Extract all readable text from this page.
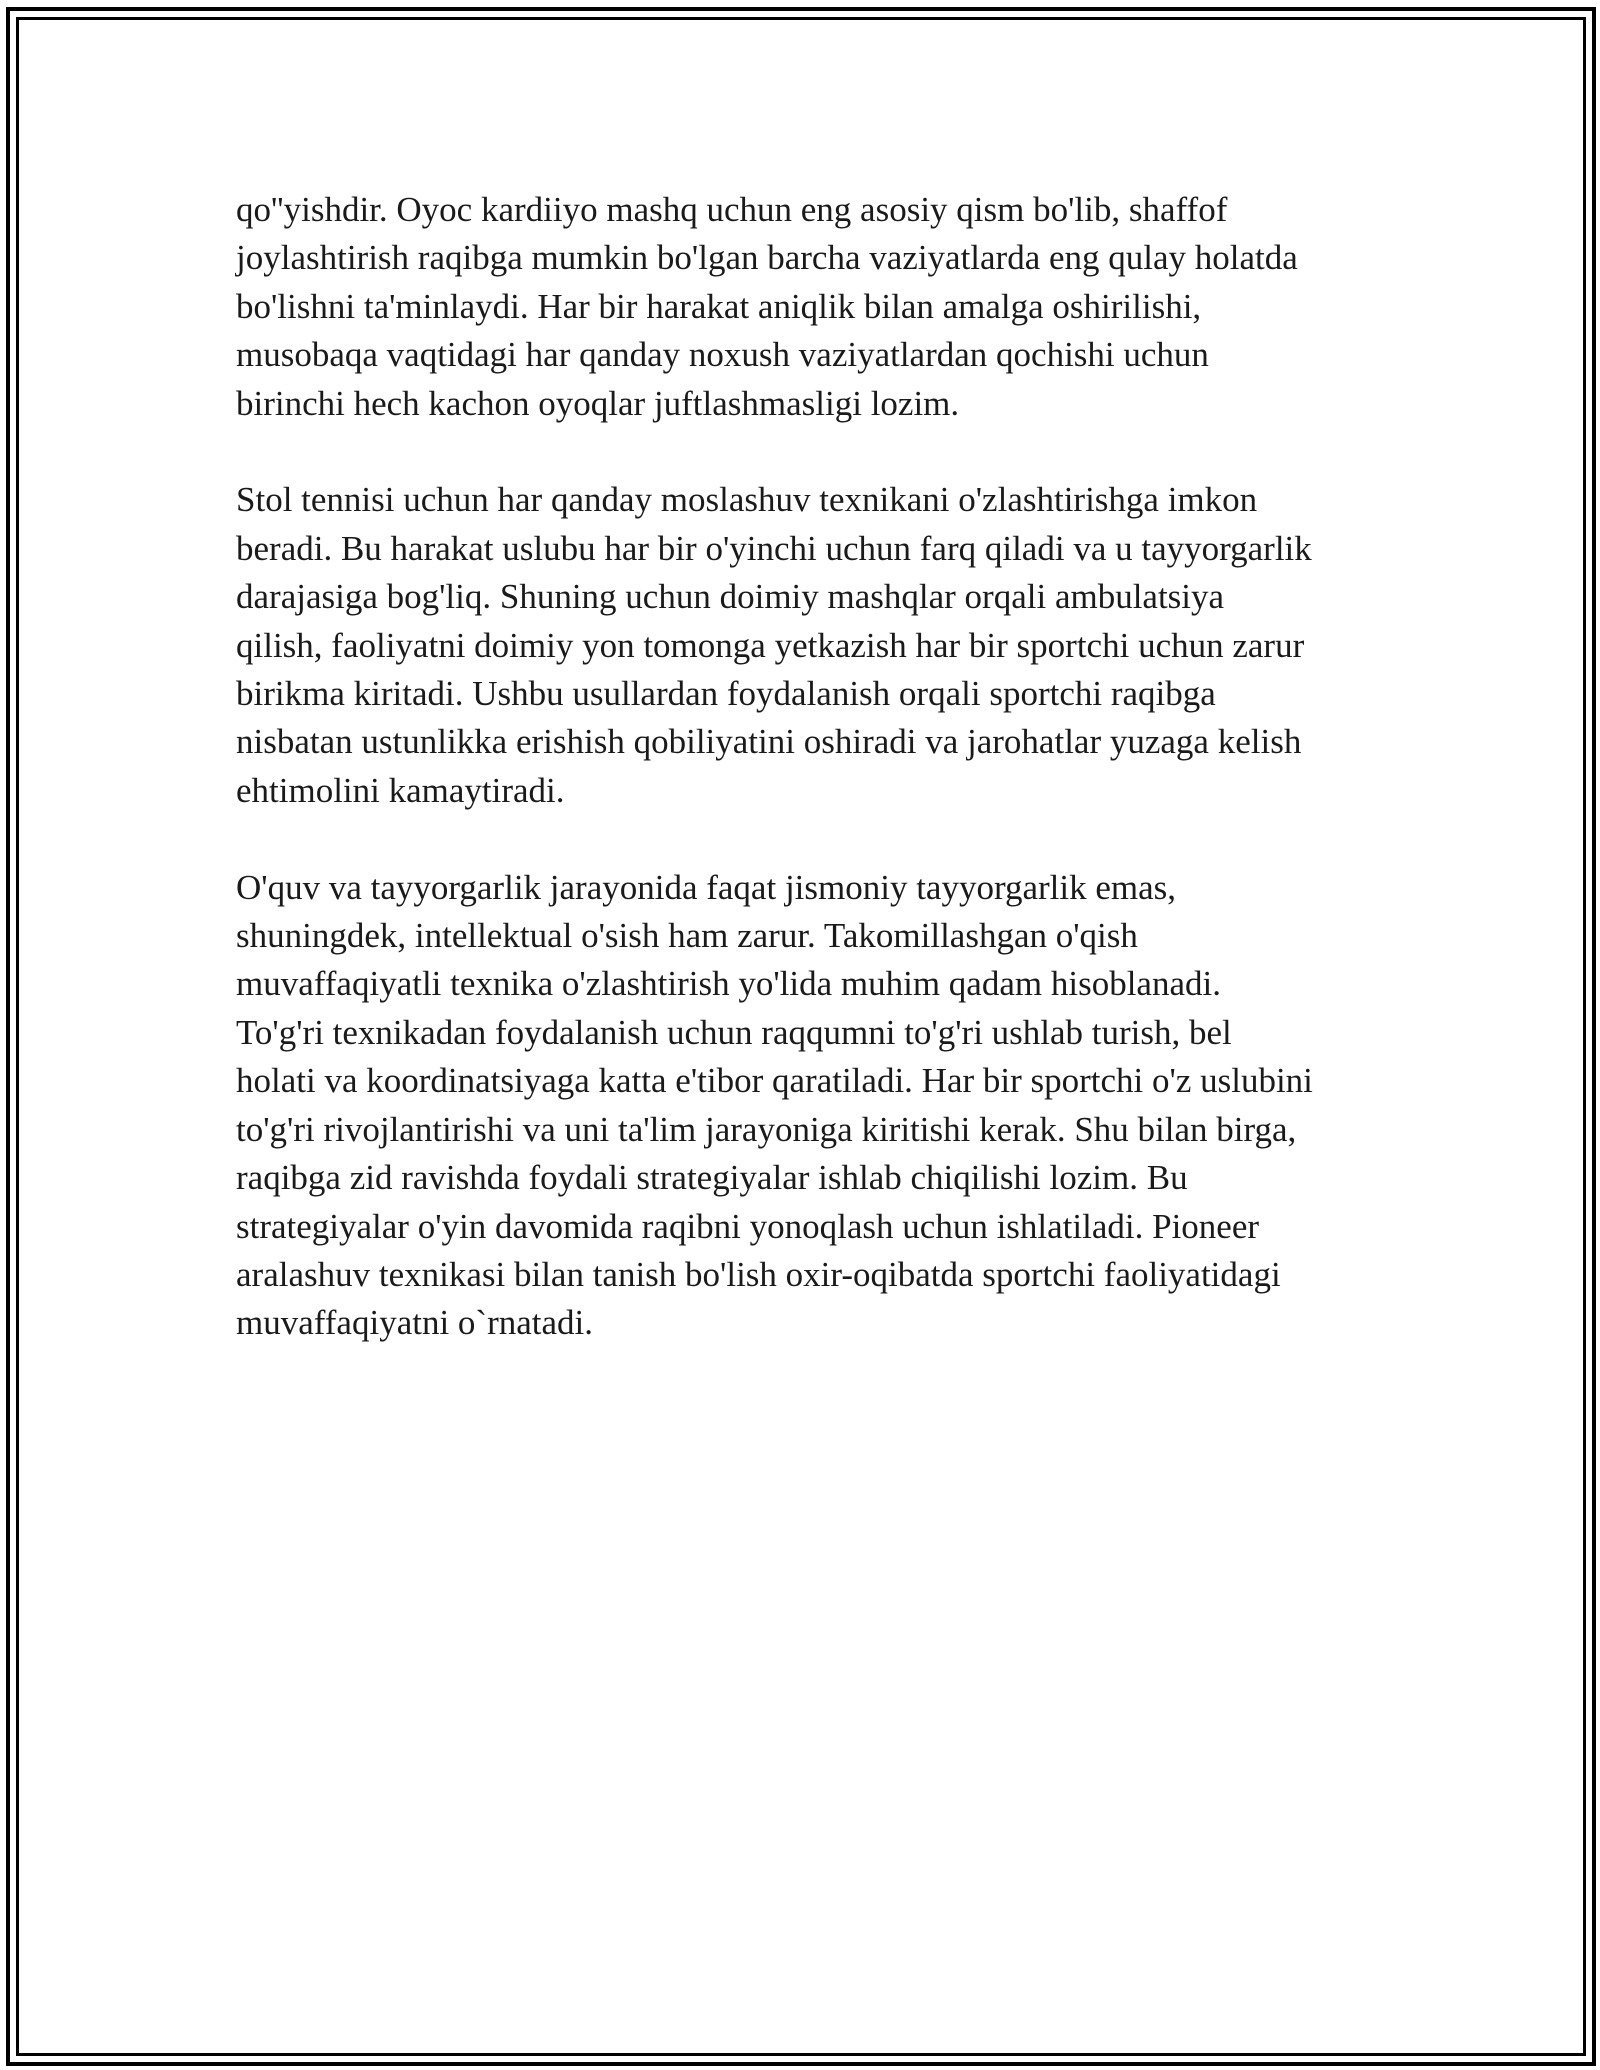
qo''yishdir. Oyoc kardiiyo mashq uchun eng asosiy qism bo'lib, shaffof
joylashtirish raqibga mumkin bo'lgan barcha vaziyatlarda eng qulay holatda
bo'lishni ta'minlaydi. Har bir harakat aniqlik bilan amalga oshirilishi,
musobaqa vaqtidagi har qanday noxush vaziyatlardan qochishi uchun
birinchi hech kachon oyoqlar juftlashmasligi lozim.
Stol tennisi uchun har qanday moslashuv texnikani o'zlashtirishga imkon
beradi. Bu harakat uslubu har bir o'yinchi uchun farq qiladi va u tayyorgarlik
darajasiga bog'liq. Shuning uchun doimiy mashqlar orqali ambulatsiya
qilish, faoliyatni doimiy yon tomonga yetkazish har bir sportchi uchun zarur
birikma kiritadi. Ushbu usullardan foydalanish orqali sportchi raqibga
nisbatan ustunlikka erishish qobiliyatini oshiradi va jarohatlar yuzaga kelish
ehtimolini kamaytiradi.
O'quv va tayyorgarlik jarayonida faqat jismoniy tayyorgarlik emas,
shuningdek, intellektual o'sish ham zarur. Takomillashgan o'qish
muvaffaqiyatli texnika o'zlashtirish yo'lida muhim qadam hisoblanadi.
To'g'ri texnikadan foydalanish uchun raqqumni to'g'ri ushlab turish, bel
holati va koordinatsiyaga katta e'tibor qaratiladi. Har bir sportchi o'z uslubini
to'g'ri rivojlantirishi va uni ta'lim jarayoniga kiritishi kerak. Shu bilan birga,
raqibga zid ravishda foydali strategiyalar ishlab chiqilishi lozim. Bu
strategiyalar o'yin davomida raqibni yonoqlash uchun ishlatiladi. Pioneer
aralashuv texnikasi bilan tanish bo'lish oxir-oqibatda sportchi faoliyatidagi
muvaffaqiyatni o`rnatadi.
